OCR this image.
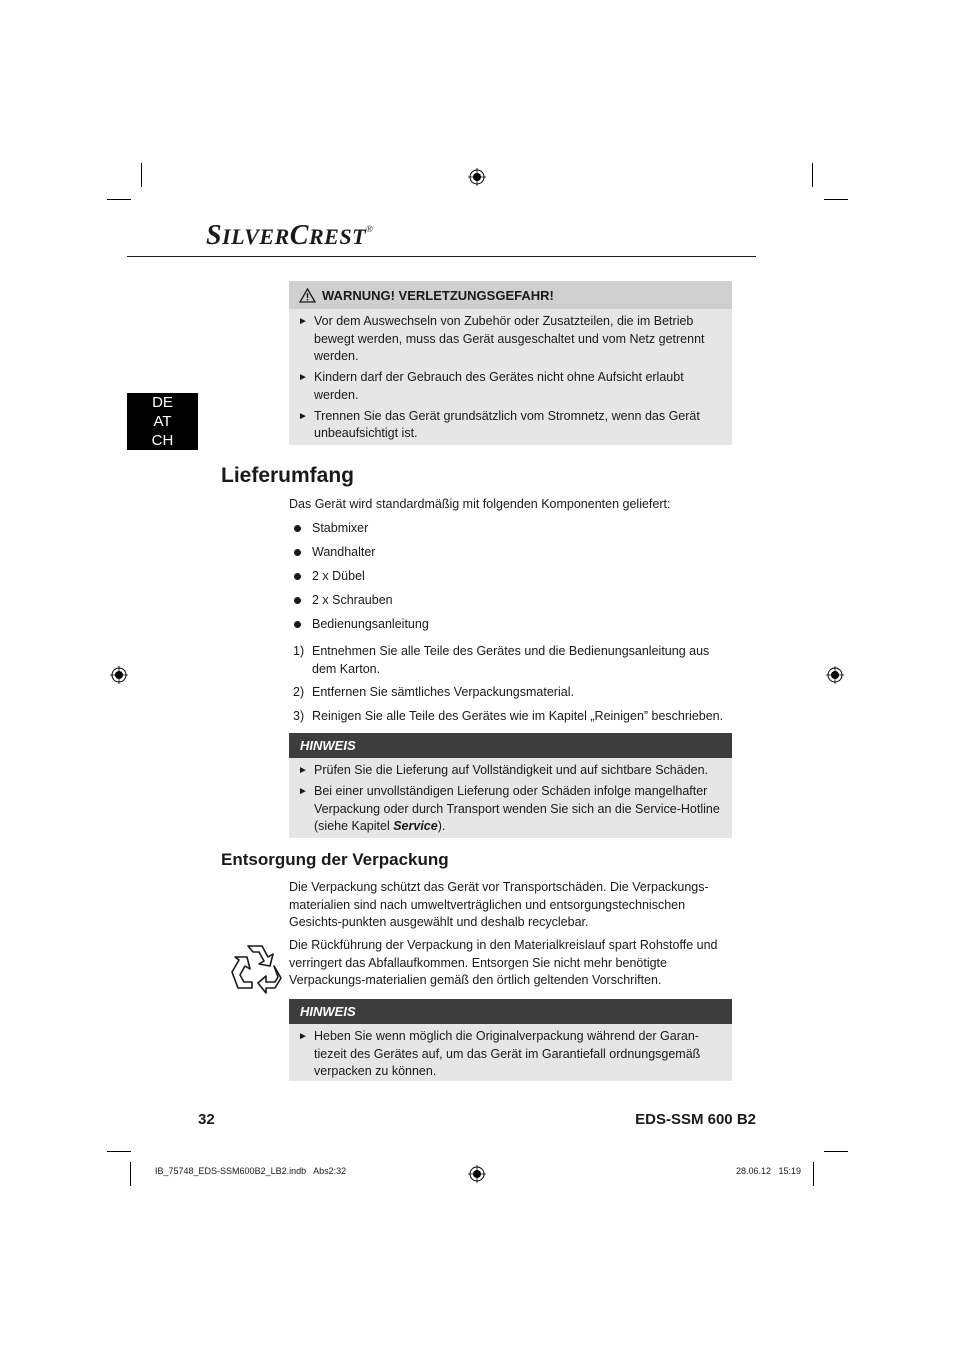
SILVERCREST®
DE
AT
CH
WARNUNG! VERLETZUNGSGEFAHR!
► Vor dem Auswechseln von Zubehör oder Zusatzteilen, die im Betrieb bewegt werden, muss das Gerät ausgeschaltet und vom Netz getrennt werden.
► Kindern darf der Gebrauch des Gerätes nicht ohne Aufsicht erlaubt werden.
► Trennen Sie das Gerät grundsätzlich vom Stromnetz, wenn das Gerät unbeaufsichtigt ist.
Lieferumfang
Das Gerät wird standardmäßig mit folgenden Komponenten geliefert:
Stabmixer
Wandhalter
2 x Dübel
2 x Schrauben
Bedienungsanleitung
1) Entnehmen Sie alle Teile des Gerätes und die Bedienungsanleitung aus dem Karton.
2) Entfernen Sie sämtliches Verpackungsmaterial.
3) Reinigen Sie alle Teile des Gerätes wie im Kapitel „Reinigen” beschrieben.
HINWEIS
► Prüfen Sie die Lieferung auf Vollständigkeit und auf sichtbare Schäden.
► Bei einer unvollständigen Lieferung oder Schäden infolge mangelhafter Verpackung oder durch Transport wenden Sie sich an die Service-Hotline (siehe Kapitel Service).
Entsorgung der Verpackung
Die Verpackung schützt das Gerät vor Transportschäden. Die Verpackungs-materialien sind nach umweltverträglichen und entsorgungstechnischen Gesichts-punkten ausgewählt und deshalb recyclebar.
Die Rückführung der Verpackung in den Materialkreislauf spart Rohstoffe und verringert das Abfallaufkommen. Entsorgen Sie nicht mehr benötigte Verpackungs-materialien gemäß den örtlich geltenden Vorschriften.
HINWEIS
► Heben Sie wenn möglich die Originalverpackung während der Garan-tiezeit des Gerätes auf, um das Gerät im Garantiefall ordnungsgemäß verpacken zu können.
32	EDS-SSM 600 B2
IB_75748_EDS-SSM600B2_LB2.indb   Abs2:32	28.06.12   15:19
